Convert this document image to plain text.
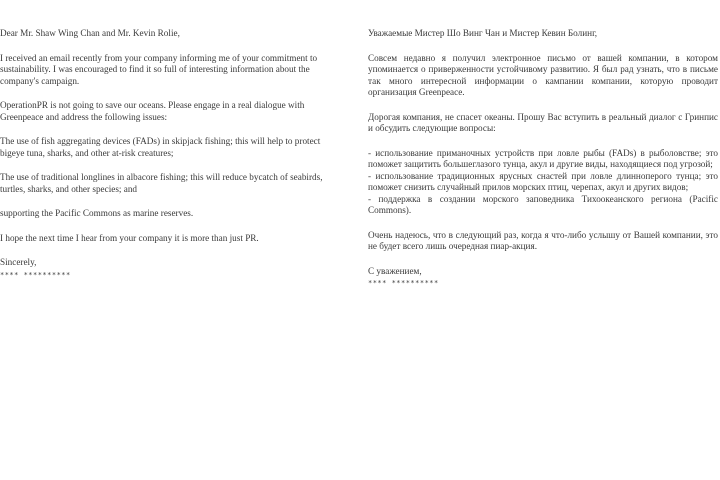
Dear Mr. Shaw Wing Chan and Mr. Kevin Rolie,

I received an email recently from your company informing me of your commitment to sustainability. I was encouraged to find it so full of interesting information about the company's campaign.

OperationPR is not going to save our oceans. Please engage in a real dialogue with Greenpeace and address the following issues:

The use of fish aggregating devices (FADs) in skipjack fishing; this will help to protect bigeye tuna, sharks, and other at-risk creatures;

The use of traditional longlines in albacore fishing; this will reduce bycatch of seabirds, turtles, sharks, and other species; and

supporting the Pacific Commons as marine reserves.

I hope the next time I hear from your company it is more than just PR.

Sincerely,

**** **********

Уважаемые Мистер Шо Винг Чан и Мистер Кевин Болинг,

Совсем недавно я получил электронное письмо от вашей компании, в котором упоминается о приверженности устойчивому развитию. Я был рад узнать, что в письме так много интересной информации о кампании компании, которую проводит организация Greenpeace.

Дорогая компания, не спасет океаны. Прошу Вас вступить в реальный диалог с Гринпис и обсудить следующие вопросы:

- использование приманочных устройств при ловле рыбы (FADs) в рыболовстве; это поможет защитить большеглазого тунца, акул и другие виды, находящиеся под угрозой;

- использование традиционных ярусных снастей при ловле длинноперого тунца; это поможет снизить случайный прилов морских птиц, черепах, акул и других видов;

- поддержка в создании морского заповедника Тихоокеанского региона (Pacific Commons).

Очень надеюсь, что в следующий раз, когда я что-либо услышу от Вашей компании, это не будет всего лишь очередная пиар-акция.

С уважением,

**** **********
